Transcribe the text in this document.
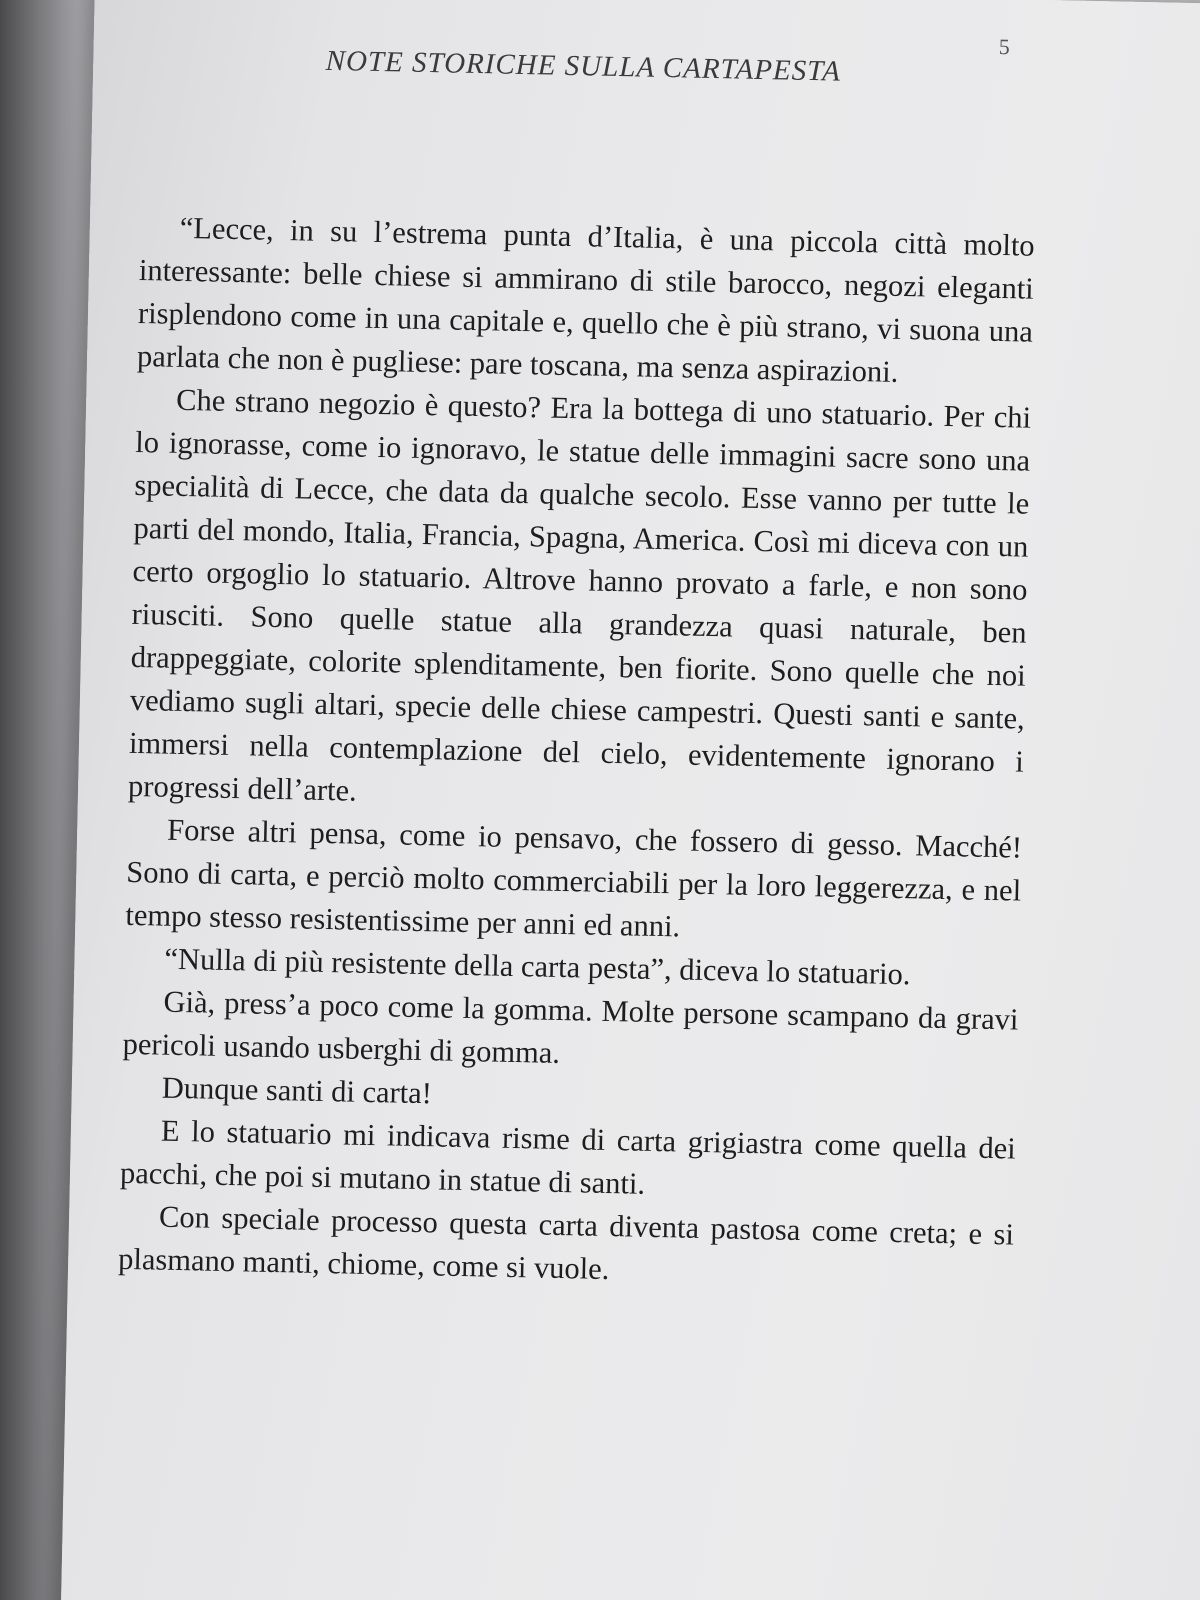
5
NOTE STORICHE SULLA CARTAPESTA

“Lecce, in su l’estrema punta d’Italia, è una piccola città molto interessante: belle chiese si ammirano di stile barocco, negozi eleganti risplendono come in una capitale e, quello che è più strano, vi suona una parlata che non è pugliese: pare toscana, ma senza aspirazioni.

Che strano negozio è questo? Era la bottega di uno statuario. Per chi lo ignorasse, come io ignoravo, le statue delle immagini sacre sono una specialità di Lecce, che data da qualche secolo. Esse vanno per tutte le parti del mondo, Italia, Francia, Spagna, America. Così mi diceva con un certo orgoglio lo statuario. Altrove hanno provato a farle, e non sono riusciti. Sono quelle statue alla grandezza quasi naturale, ben drappeggiate, colorite splenditamente, ben fiorite. Sono quelle che noi vediamo sugli altari, specie delle chiese campestri. Questi santi e sante, immersi nella contemplazione del cielo, evidentemente ignorano i progressi dell’arte.

Forse altri pensa, come io pensavo, che fossero di gesso. Macché! Sono di carta, e perciò molto commerciabili per la loro leggerezza, e nel tempo stesso resistentissime per anni ed anni.

“Nulla di più resistente della carta pesta”, diceva lo statuario.

Già, press’a poco come la gomma. Molte persone scampano da gravi pericoli usando usberghi di gomma.

Dunque santi di carta!

E lo statuario mi indicava risme di carta grigiastra come quella dei pacchi, che poi si mutano in statue di santi.

Con speciale processo questa carta diventa pastosa come creta; e si plasmano manti, chiome, come si vuole.
